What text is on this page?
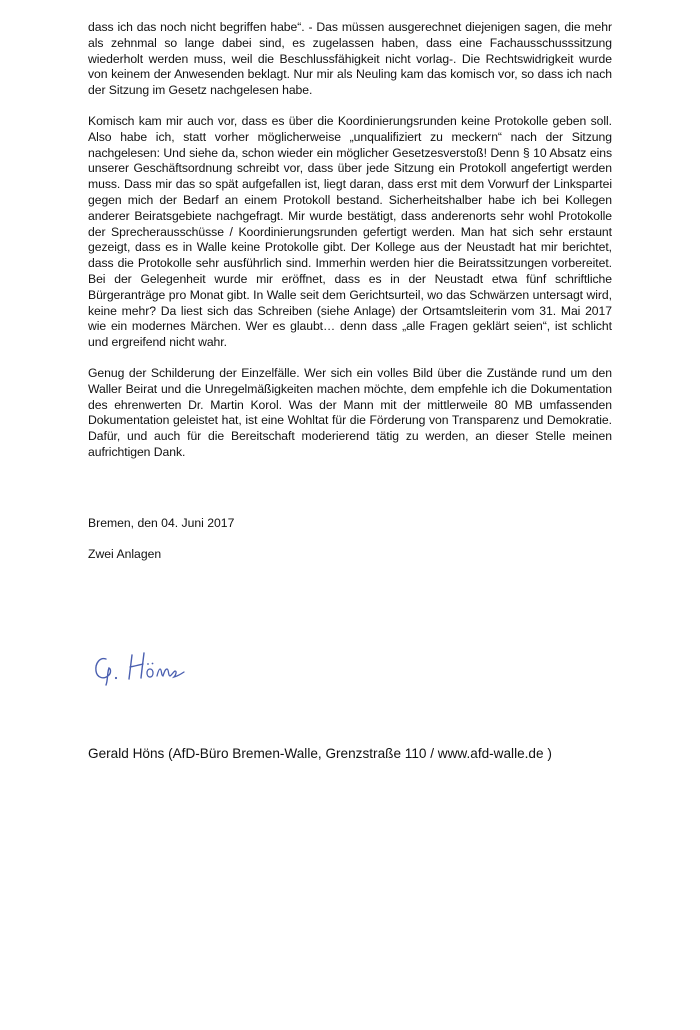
dass ich das noch nicht begriffen habe“. - Das müssen ausgerechnet diejenigen sagen, die mehr als zehnmal so lange dabei sind, es zugelassen haben, dass eine Fachausschusssitzung wiederholt werden muss, weil die Beschlussfähigkeit nicht vorlag-. Die Rechtswidrigkeit wurde von keinem der Anwesenden beklagt. Nur mir als Neuling kam das komisch vor, so dass ich nach der Sitzung im Gesetz nachgelesen habe.

Komisch kam mir auch vor, dass es über die Koordinierungsrunden keine Protokolle geben soll. Also habe ich, statt vorher möglicherweise „unqualifiziert zu meckern“ nach der Sitzung nachgelesen: Und siehe da, schon wieder ein möglicher Gesetzesverstoß! Denn § 10 Absatz eins unserer Geschäftsordnung schreibt vor, dass über jede Sitzung ein Protokoll angefertigt werden muss. Dass mir das so spät aufgefallen ist, liegt daran, dass erst mit dem Vorwurf der Linkspartei gegen mich der Bedarf an einem Protokoll bestand. Sicherheitshalber habe ich bei Kollegen anderer Beiratsgebiete nachgefragt. Mir wurde bestätigt, dass anderenorts sehr wohl Protokolle der Sprecherausschüsse / Koordinierungsrunden gefertigt werden. Man hat sich sehr erstaunt gezeigt, dass es in Walle keine Protokolle gibt. Der Kollege aus der Neustadt hat mir berichtet, dass die Protokolle sehr ausführlich sind. Immerhin werden hier die Beiratssitzungen vorbereitet. Bei der Gelegenheit wurde mir eröffnet, dass es in der Neustadt etwa fünf schriftliche Bürgeranträge pro Monat gibt. In Walle seit dem Gerichtsurteil, wo das Schwärzen untersagt wird, keine mehr? Da liest sich das Schreiben (siehe Anlage) der Ortsamtsleiterin vom 31. Mai 2017 wie ein modernes Märchen. Wer es glaubt… denn dass „alle Fragen geklärt seien“, ist schlicht und ergreifend nicht wahr.

Genug der Schilderung der Einzelfälle. Wer sich ein volles Bild über die Zustände rund um den Waller Beirat und die Unregelmäßigkeiten machen möchte, dem empfehle ich die Dokumentation des ehrenwerten Dr. Martin Korol. Was der Mann mit der mittlerweile 80 MB umfassenden Dokumentation geleistet hat, ist eine Wohltat für die Förderung von Transparenz und Demokratie. Dafür, und auch für die Bereitschaft moderierend tätig zu werden, an dieser Stelle meinen aufrichtigen Dank.

Bremen, den 04. Juni 2017
Zwei Anlagen
Gerald Höns (AfD-Büro Bremen-Walle, Grenzstraße 110 / www.afd-walle.de )
